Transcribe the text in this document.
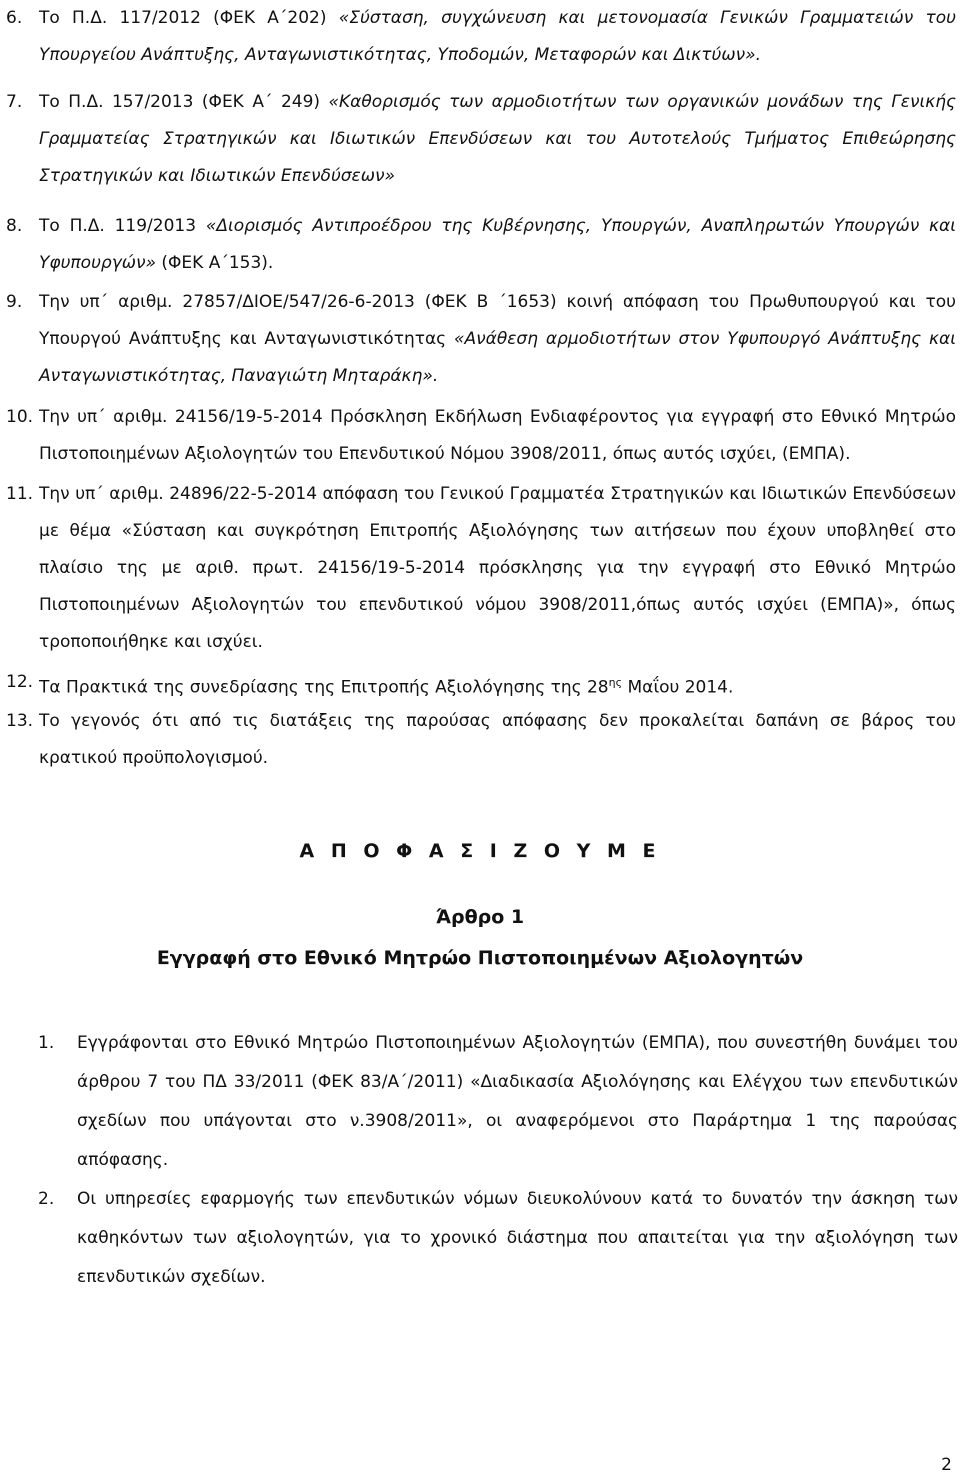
6. Το Π.Δ. 117/2012 (ΦΕΚ Α΄202) «Σύσταση, συγχώνευση και μετονομασία Γενικών Γραμματειών του Υπουργείου Ανάπτυξης, Ανταγωνιστικότητας, Υποδομών, Μεταφορών και Δικτύων».
7. Το Π.Δ. 157/2013 (ΦΕΚ Α΄ 249) «Καθορισμός των αρμοδιοτήτων των οργανικών μονάδων της Γενικής Γραμματείας Στρατηγικών και Ιδιωτικών Επενδύσεων και του Αυτοτελούς Τμήματος Επιθεώρησης Στρατηγικών και Ιδιωτικών Επενδύσεων»
8. Το Π.Δ. 119/2013 «Διορισμός Αντιπροέδρου της Κυβέρνησης, Υπουργών, Αναπληρωτών Υπουργών και Υφυπουργών» (ΦΕΚ Α΄153).
9. Την υπ΄ αριθμ. 27857/ΔΙΟΕ/547/26-6-2013 (ΦΕΚ Β ΄1653) κοινή απόφαση του Πρωθυπουργού και του Υπουργού Ανάπτυξης και Ανταγωνιστικότητας «Ανάθεση αρμοδιοτήτων στον Υφυπουργό Ανάπτυξης και Ανταγωνιστικότητας, Παναγιώτη Μηταράκη».
10. Την υπ΄ αριθμ. 24156/19-5-2014 Πρόσκληση Εκδήλωση Ενδιαφέροντος για εγγραφή στο Εθνικό Μητρώο Πιστοποιημένων Αξιολογητών του Επενδυτικού Νόμου 3908/2011, όπως αυτός ισχύει, (ΕΜΠΑ).
11. Την υπ΄ αριθμ. 24896/22-5-2014 απόφαση του Γενικού Γραμματέα Στρατηγικών και Ιδιωτικών Επενδύσεων με θέμα «Σύσταση και συγκρότηση Επιτροπής Αξιολόγησης των αιτήσεων που έχουν υποβληθεί στο πλαίσιο της με αριθ. πρωτ. 24156/19-5-2014 πρόσκλησης για την εγγραφή στο Εθνικό Μητρώο Πιστοποιημένων Αξιολογητών του επενδυτικού νόμου 3908/2011,όπως αυτός ισχύει (ΕΜΠΑ)», όπως τροποποιήθηκε και ισχύει.
12. Τα Πρακτικά της συνεδρίασης της Επιτροπής Αξιολόγησης της $28^{\eta\varsigma}$ Μαΐου 2014.
13. Το γεγονός ότι από τις διατάξεις της παρούσας απόφασης δεν προκαλείται δαπάνη σε βάρος του κρατικού προϋπολογισμού.
Α Π Ο Φ Α Σ Ι Ζ Ο Υ Μ Ε
Άρθρο 1
Εγγραφή στο Εθνικό Μητρώο Πιστοποιημένων Αξιολογητών
1. Εγγράφονται στο Εθνικό Μητρώο Πιστοποιημένων Αξιολογητών (ΕΜΠΑ), που συνεστήθη δυνάμει του άρθρου 7 του ΠΔ 33/2011 (ΦΕΚ 83/Α΄/2011) «Διαδικασία Αξιολόγησης και Ελέγχου των επενδυτικών σχεδίων που υπάγονται στο ν.3908/2011», οι αναφερόμενοι στο Παράρτημα 1 της παρούσας απόφασης.
2. Οι υπηρεσίες εφαρμογής των επενδυτικών νόμων διευκολύνουν κατά το δυνατόν την άσκηση των καθηκόντων των αξιολογητών, για το χρονικό διάστημα που απαιτείται για την αξιολόγηση των επενδυτικών σχεδίων.
2
